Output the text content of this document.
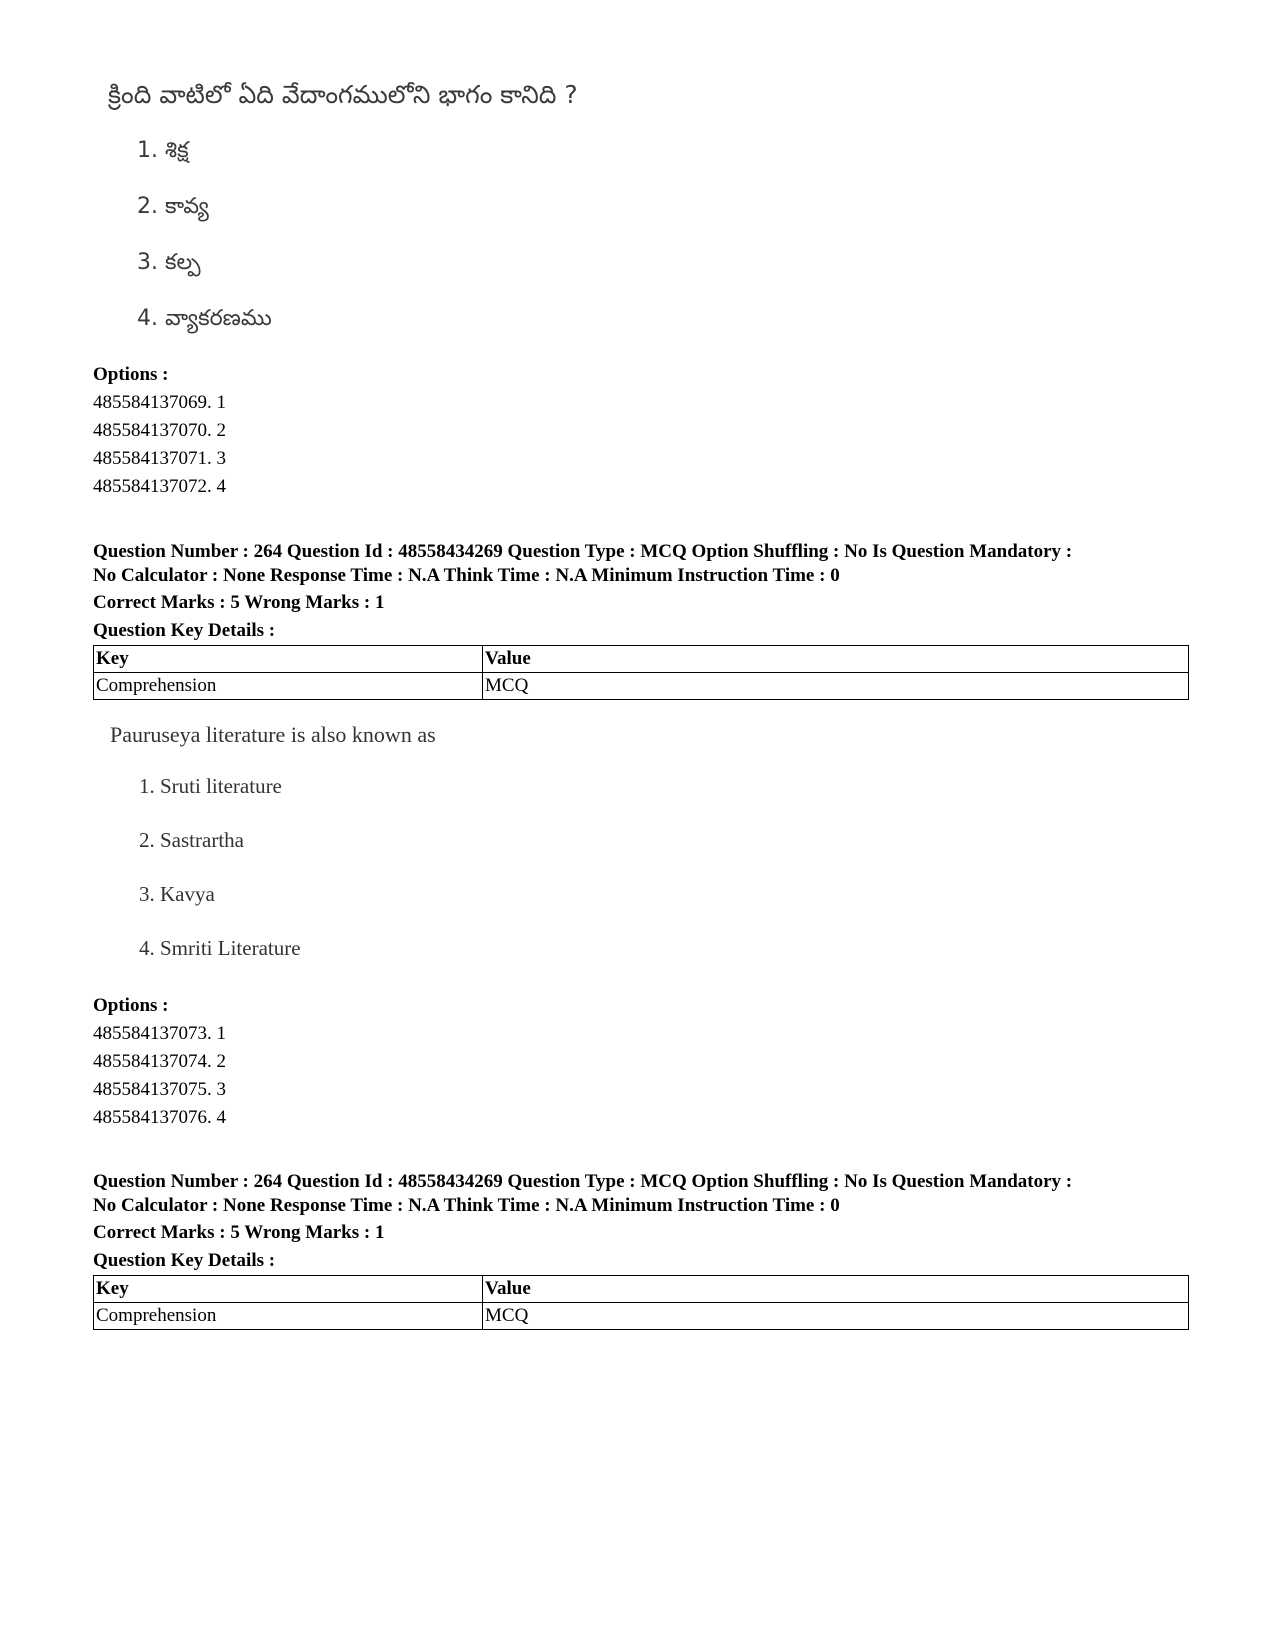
క్రింది వాటిలో ఏది వేదాంగములోని భాగం కానిది ?
1. శిక్ష
2. కావ్య
3. కల్ప
4. వ్యాకరణము
Options :
485584137069. 1
485584137070. 2
485584137071. 3
485584137072. 4
Question Number : 264 Question Id : 48558434269 Question Type : MCQ Option Shuffling : No Is Question Mandatory :
No Calculator : None Response Time : N.A Think Time : N.A Minimum Instruction Time : 0
Correct Marks : 5 Wrong Marks : 1
Question Key Details :
Key	Value
Comprehension	MCQ
Pauruseya literature is also known as
1. Sruti literature
2. Sastrartha
3. Kavya
4. Smriti Literature
Options :
485584137073. 1
485584137074. 2
485584137075. 3
485584137076. 4
Question Number : 264 Question Id : 48558434269 Question Type : MCQ Option Shuffling : No Is Question Mandatory :
No Calculator : None Response Time : N.A Think Time : N.A Minimum Instruction Time : 0
Correct Marks : 5 Wrong Marks : 1
Question Key Details :
Key	Value
Comprehension	MCQ
